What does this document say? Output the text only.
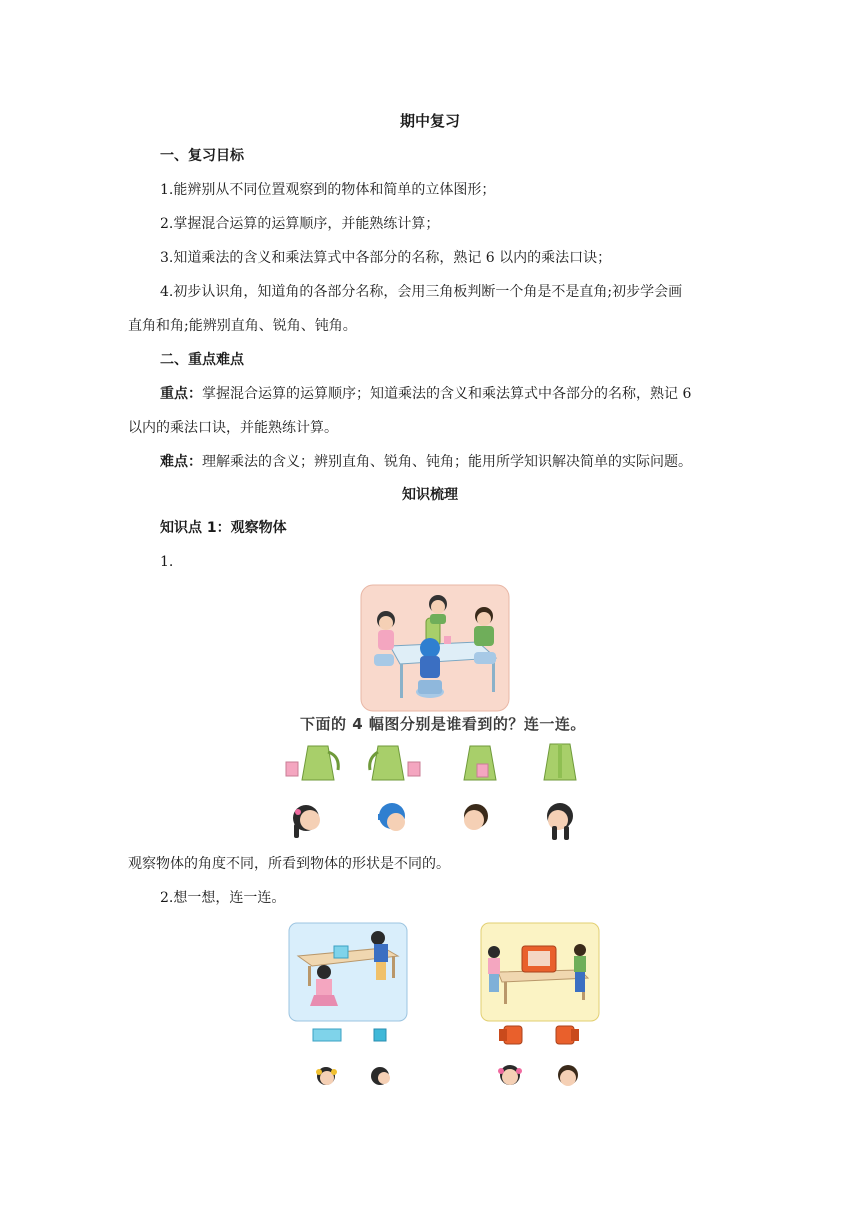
期中复习
一、复习目标
1.能辨别从不同位置观察到的物体和简单的立体图形；
2.掌握混合运算的运算顺序，并能熟练计算；
3.知道乘法的含义和乘法算式中各部分的名称，熟记 6 以内的乘法口诀；
4.初步认识角，知道角的各部分名称，会用三角板判断一个角是不是直角;初步学会画
直角和角;能辨别直角、锐角、钝角。
二、重点难点
重点：掌握混合运算的运算顺序；知道乘法的含义和乘法算式中各部分的名称，熟记 6
以内的乘法口诀，并能熟练计算。
难点：理解乘法的含义；辨别直角、锐角、钝角；能用所学知识解决简单的实际问题。
知识梳理
知识点 1：观察物体
1.
下面的 4 幅图分别是谁看到的？连一连。
观察物体的角度不同，所看到物体的形状是不同的。
2.想一想，连一连。
